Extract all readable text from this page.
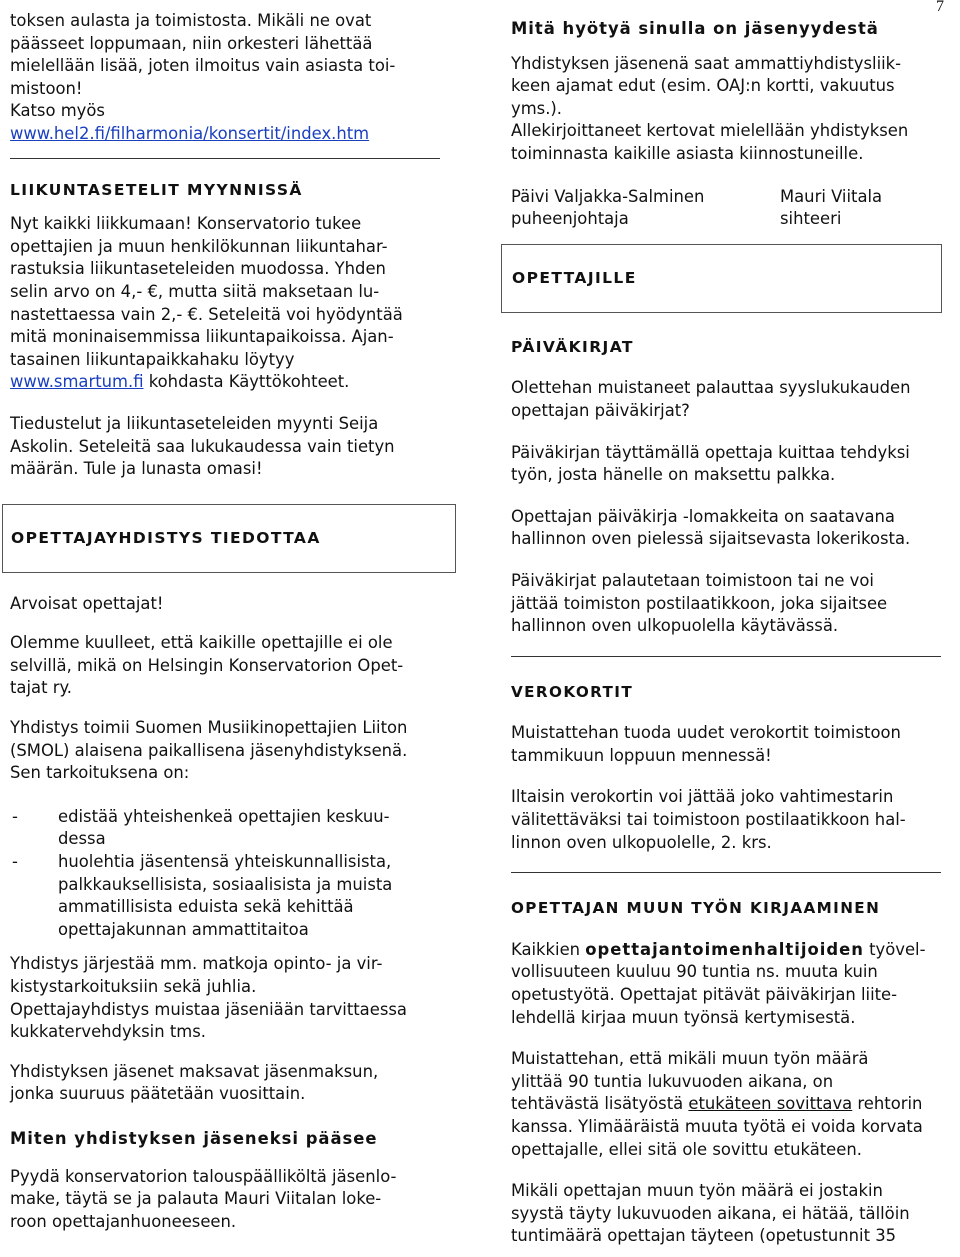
7

toksen aulasta ja toimistosta. Mikäli ne ovat

päässeet loppumaan, niin orkesteri lähettää

mielellään lisää, joten ilmoitus vain asiasta toi-

mistoon!

Katso myös

www.hel2.fi/filharmonia/konsertit/index.htm

LIIKUNTASETELIT MYYNNISSÄ

Nyt kaikki liikkumaan! Konservatorio tukee

opettajien ja muun henkilökunnan liikuntahar-

rastuksia liikuntaseteleiden muodossa. Yhden

selin arvo on 4,- €, mutta siitä maksetaan lu-

nastettaessa vain 2,- €. Seteleitä voi hyödyntää

mitä moninaisemmissa liikuntapaikoissa. Ajan-

tasainen liikuntapaikkahaku löytyy

www.smartum.fi kohdasta Käyttökohteet.

Tiedustelut ja liikuntaseteleiden myynti Seija

Askolin. Seteleitä saa lukukaudessa vain tietyn

määrän. Tule ja lunasta omasi!

OPETTAJAYHDISTYS TIEDOTTAA

Arvoisat opettajat!

Olemme kuulleet, että kaikille opettajille ei ole

selvillä, mikä on Helsingin Konservatorion Opet-

tajat ry.

Yhdistys toimii Suomen Musiikinopettajien Liiton

(SMOL) alaisena paikallisena jäsenyhdistyksenä.

Sen tarkoituksena on:

-	edistää yhteishenkeä opettajien keskuu-

dessa

-	huolehtia jäsentensä yhteiskunnallisista,

palkkauksellisista, sosiaalisista ja muista

ammatillisista eduista sekä kehittää

opettajakunnan ammattitaitoa

Yhdistys järjestää mm. matkoja opinto- ja vir-

kistystarkoituksiin sekä juhlia.

Opettajayhdistys muistaa jäseniään tarvittaessa

kukkatervehdyksin tms.

Yhdistyksen jäsenet maksavat jäsenmaksun,

jonka suuruus päätetään vuosittain.

Miten yhdistyksen jäseneksi pääsee

Pyydä konservatorion talouspäälliköltä jäsenlo-

make, täytä se ja palauta Mauri Viitalan loke-

roon opettajanhuoneeseen.

Mitä hyötyä sinulla on jäsenyydestä

Yhdistyksen jäsenenä saat ammattiyhdistysliik-

keen ajamat edut (esim. OAJ:n kortti, vakuutus

yms.).

Allekirjoittaneet kertovat mielellään yhdistyksen

toiminnasta kaikille asiasta kiinnostuneille.

Päivi Valjakka-Salminen

puheenjohtaja

Mauri Viitala

sihteeri

OPETTAJILLE

PÄIVÄKIRJAT

Olettehan muistaneet palauttaa syyslukukauden

opettajan päiväkirjat?

Päiväkirjan täyttämällä opettaja kuittaa tehdyksi

työn, josta hänelle on maksettu palkka.

Opettajan päiväkirja -lomakkeita on saatavana

hallinnon oven pielessä sijaitsevasta lokerikosta.

Päiväkirjat palautetaan toimistoon tai ne voi

jättää toimiston postilaatikkoon, joka sijaitsee

hallinnon oven ulkopuolella käytävässä.

VEROKORTIT

Muistattehan tuoda uudet verokortit toimistoon

tammikuun loppuun mennessä!

Iltaisin verokortin voi jättää joko vahtimestarin

välitettäväksi tai toimistoon postilaatikkoon hal-

linnon oven ulkopuolelle, 2. krs.

OPETTAJAN MUUN TYÖN KIRJAAMINEN

Kaikkien opettajantoimenhaltijoiden työvel-

vollisuuteen kuuluu 90 tuntia ns. muuta kuin

opetustyötä. Opettajat pitävät päiväkirjan liite-

lehdellä kirjaa muun työnsä kertymisestä.

Muistattehan, että mikäli muun työn määrä

ylittää 90 tuntia lukuvuoden aikana, on

tehtävästä lisätyöstä etukäteen sovittava rehtorin

kanssa. Ylimääräistä muuta työtä ei voida korvata

opettajalle, ellei sitä ole sovittu etukäteen.

Mikäli opettajan muun työn määrä ei jostakin

syystä täyty lukuvuoden aikana, ei hätää, tällöin

tuntimäärä opettajan täyteen (opetustunnit 35
